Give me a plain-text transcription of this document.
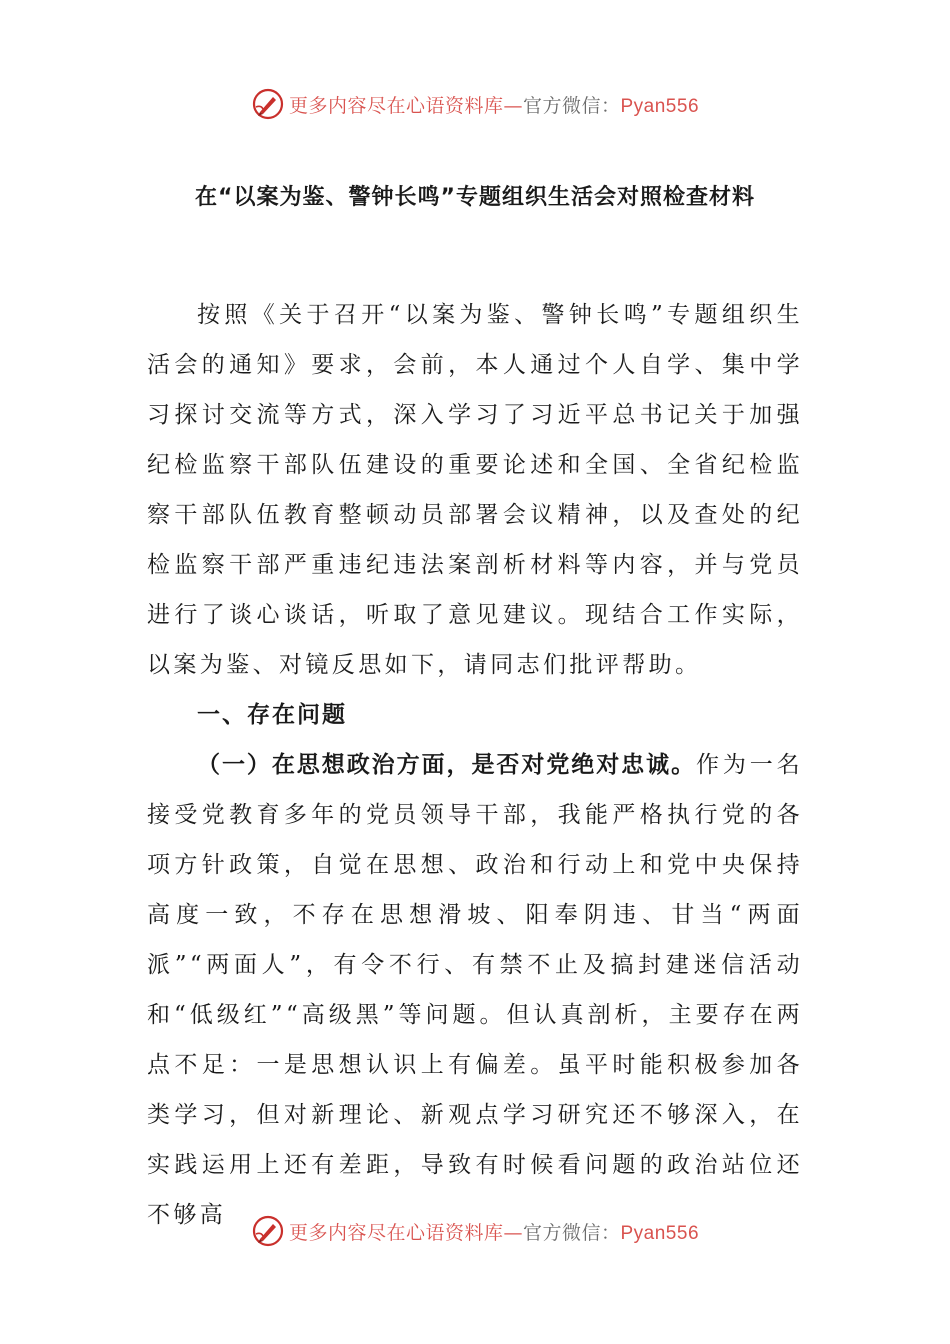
更多内容尽在心语资料库—官方微信：Pyan556
在“以案为鉴、警钟长鸣”专题组织生活会对照检查材料

按照《关于召开“以案为鉴、警钟长鸣”专题组织生活会的通知》要求，会前，本人通过个人自学、集中学习探讨交流等方式，深入学习了习近平总书记关于加强纪检监察干部队伍建设的重要论述和全国、全省纪检监察干部队伍教育整顿动员部署会议精神，以及查处的纪检监察干部严重违纪违法案剖析材料等内容，并与党员进行了谈心谈话，听取了意见建议。现结合工作实际，以案为鉴、对镜反思如下，请同志们批评帮助。

一、存在问题

（一）在思想政治方面，是否对党绝对忠诚。作为一名接受党教育多年的党员领导干部，我能严格执行党的各项方针政策，自觉在思想、政治和行动上和党中央保持高度一致，不存在思想滑坡、阳奉阴违、甘当“两面派”“两面人”，有令不行、有禁不止及搞封建迷信活动和“低级红”“高级黑”等问题。但认真剖析，主要存在两点不足：一是思想认识上有偏差。虽平时能积极参加各类学习，但对新理论、新观点学习研究还不够深入，在实践运用上还有差距，导致有时候看问题的政治站位还不够高

更多内容尽在心语资料库—官方微信：Pyan556
